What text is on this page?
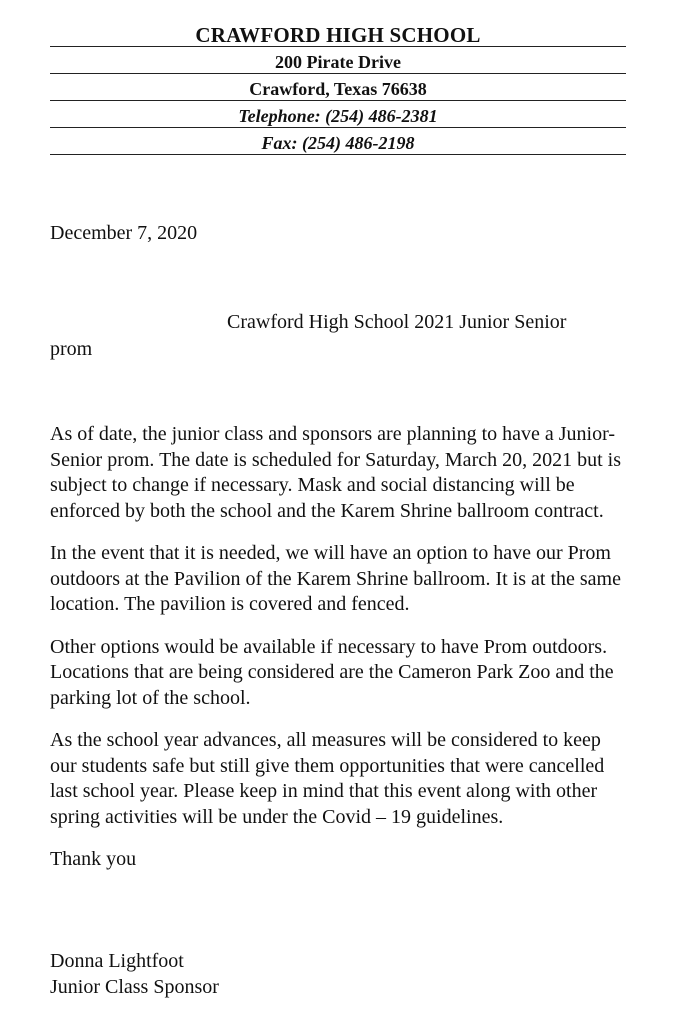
CRAWFORD HIGH SCHOOL
200 Pirate Drive
Crawford, Texas 76638
Telephone: (254) 486-2381
Fax: (254) 486-2198
December 7, 2020
Crawford High School 2021 Junior Senior
prom

As of date, the junior class and sponsors are planning to have a Junior-Senior prom. The date is scheduled for Saturday, March 20, 2021 but is subject to change if necessary. Mask and social distancing will be enforced by both the school and the Karem Shrine ballroom contract.

In the event that it is needed, we will have an option to have our Prom outdoors at the Pavilion of the Karem Shrine ballroom. It is at the same location. The pavilion is covered and fenced.

Other options would be available if necessary to have Prom outdoors. Locations that are being considered are the Cameron Park Zoo and the parking lot of the school.

As the school year advances, all measures will be considered to keep our students safe but still give them opportunities that were cancelled last school year. Please keep in mind that this event along with other spring activities will be under the Covid – 19 guidelines.

Thank you

Donna Lightfoot
Junior Class Sponsor
